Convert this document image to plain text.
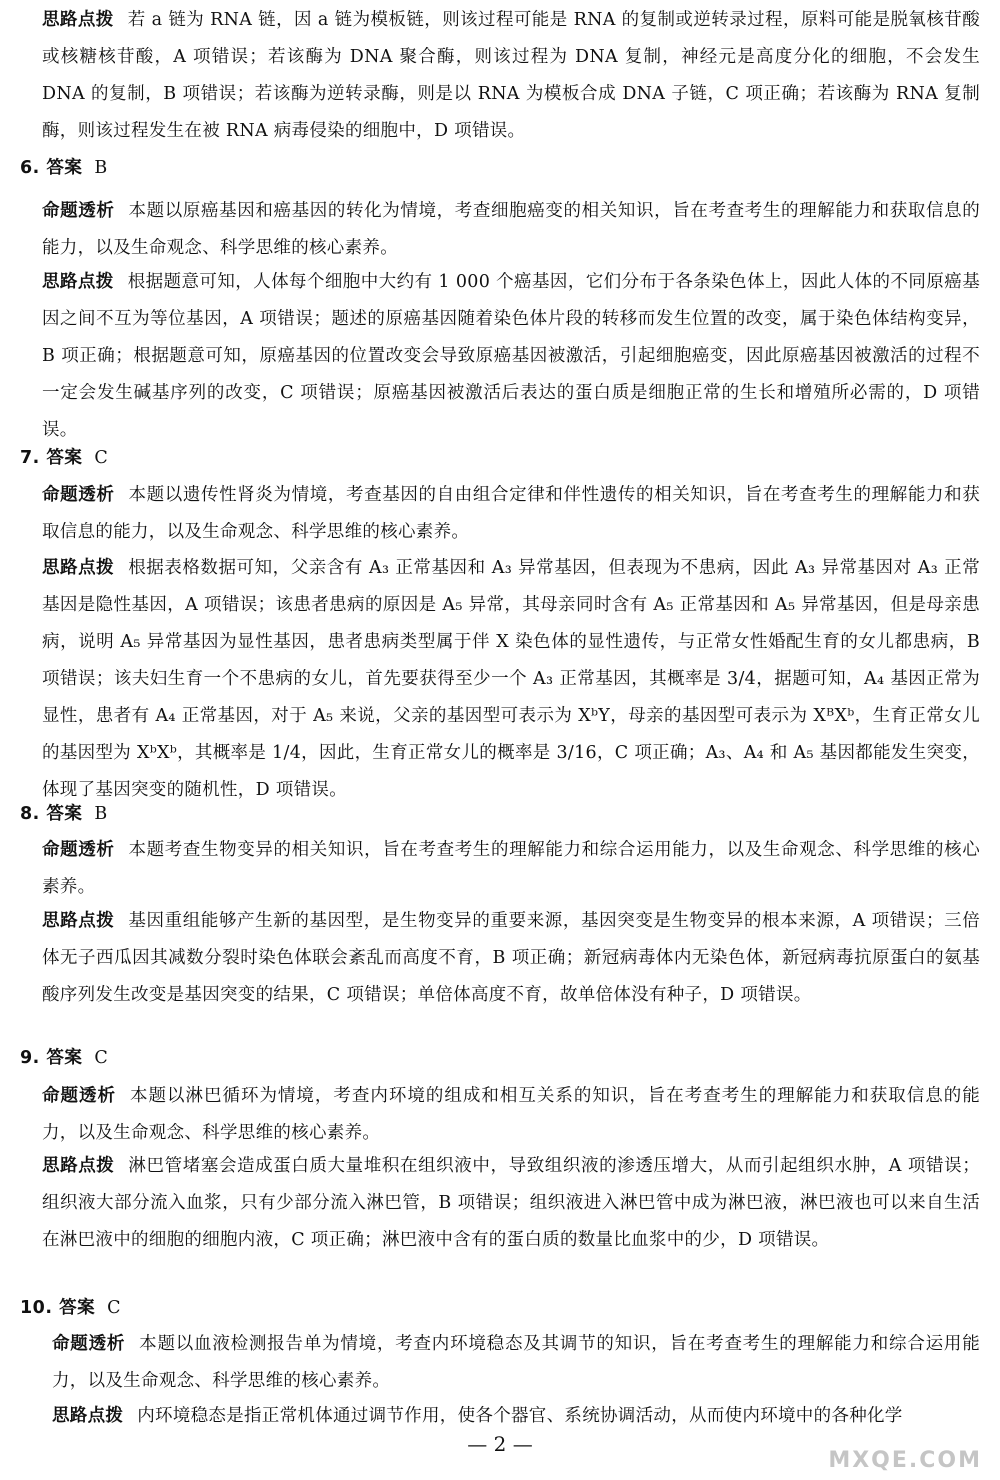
思路点拨 若 a 链为 RNA 链，因 a 链为模板链，则该过程可能是 RNA 的复制或逆转录过程，原料可能是脱氧核苷酸或核糖核苷酸，A 项错误；若该酶为 DNA 聚合酶，则该过程为 DNA 复制，神经元是高度分化的细胞，不会发生 DNA 的复制，B 项错误；若该酶为逆转录酶，则是以 RNA 为模板合成 DNA 子链，C 项正确；若该酶为 RNA 复制酶，则该过程发生在被 RNA 病毒侵染的细胞中，D 项错误。
6. 答案 B
命题透析 本题以原癌基因和癌基因的转化为情境，考查细胞癌变的相关知识，旨在考查考生的理解能力和获取信息的能力，以及生命观念、科学思维的核心素养。
思路点拨 根据题意可知，人体每个细胞中大约有 1 000 个癌基因，它们分布于各条染色体上，因此人体的不同原癌基因之间不互为等位基因，A 项错误；题述的原癌基因随着染色体片段的转移而发生位置的改变，属于染色体结构变异，B 项正确；根据题意可知，原癌基因的位置改变会导致原癌基因被激活，引起细胞癌变，因此原癌基因被激活的过程不一定会发生碱基序列的改变，C 项错误；原癌基因被激活后表达的蛋白质是细胞正常的生长和增殖所必需的，D 项错误。
7. 答案 C
命题透析 本题以遗传性肾炎为情境，考查基因的自由组合定律和伴性遗传的相关知识，旨在考查考生的理解能力和获取信息的能力，以及生命观念、科学思维的核心素养。
思路点拨 根据表格数据可知，父亲含有 A₃ 正常基因和 A₃ 异常基因，但表现为不患病，因此 A₃ 异常基因对 A₃ 正常基因是隐性基因，A 项错误；该患者患病的原因是 A₅ 异常，其母亲同时含有 A₅ 正常基因和 A₅ 异常基因，但是母亲患病，说明 A₅ 异常基因为显性基因，患者患病类型属于伴 X 染色体的显性遗传，与正常女性婚配生育的女儿都患病，B 项错误；该夫妇生育一个不患病的女儿，首先要获得至少一个 A₃ 正常基因，其概率是 3/4，据题可知，A₄ 基因正常为显性，患者有 A₄ 正常基因，对于 A₅ 来说，父亲的基因型可表示为 XᵇY，母亲的基因型可表示为 XᴮXᵇ，生育正常女儿的基因型为 XᵇXᵇ，其概率是 1/4，因此，生育正常女儿的概率是 3/16，C 项正确；A₃、A₄ 和 A₅ 基因都能发生突变，体现了基因突变的随机性，D 项错误。
8. 答案 B
命题透析 本题考查生物变异的相关知识，旨在考查考生的理解能力和综合运用能力，以及生命观念、科学思维的核心素养。
思路点拨 基因重组能够产生新的基因型，是生物变异的重要来源，基因突变是生物变异的根本来源，A 项错误；三倍体无子西瓜因其减数分裂时染色体联会紊乱而高度不育，B 项正确；新冠病毒体内无染色体，新冠病毒抗原蛋白的氨基酸序列发生改变是基因突变的结果，C 项错误；单倍体高度不育，故单倍体没有种子，D 项错误。
9. 答案 C
命题透析 本题以淋巴循环为情境，考查内环境的组成和相互关系的知识，旨在考查考生的理解能力和获取信息的能力，以及生命观念、科学思维的核心素养。
思路点拨 淋巴管堵塞会造成蛋白质大量堆积在组织液中，导致组织液的渗透压增大，从而引起组织水肿，A 项错误；组织液大部分流入血浆，只有少部分流入淋巴管，B 项错误；组织液进入淋巴管中成为淋巴液，淋巴液也可以来自生活在淋巴液中的细胞的细胞内液，C 项正确；淋巴液中含有的蛋白质的数量比血浆中的少，D 项错误。
10. 答案 C
命题透析 本题以血液检测报告单为情境，考查内环境稳态及其调节的知识，旨在考查考生的理解能力和综合运用能力，以及生命观念、科学思维的核心素养。
思路点拨 内环境稳态是指正常机体通过调节作用，使各个器官、系统协调活动，从而使内环境中的各种化学
— 2 —
MXQE.COM
